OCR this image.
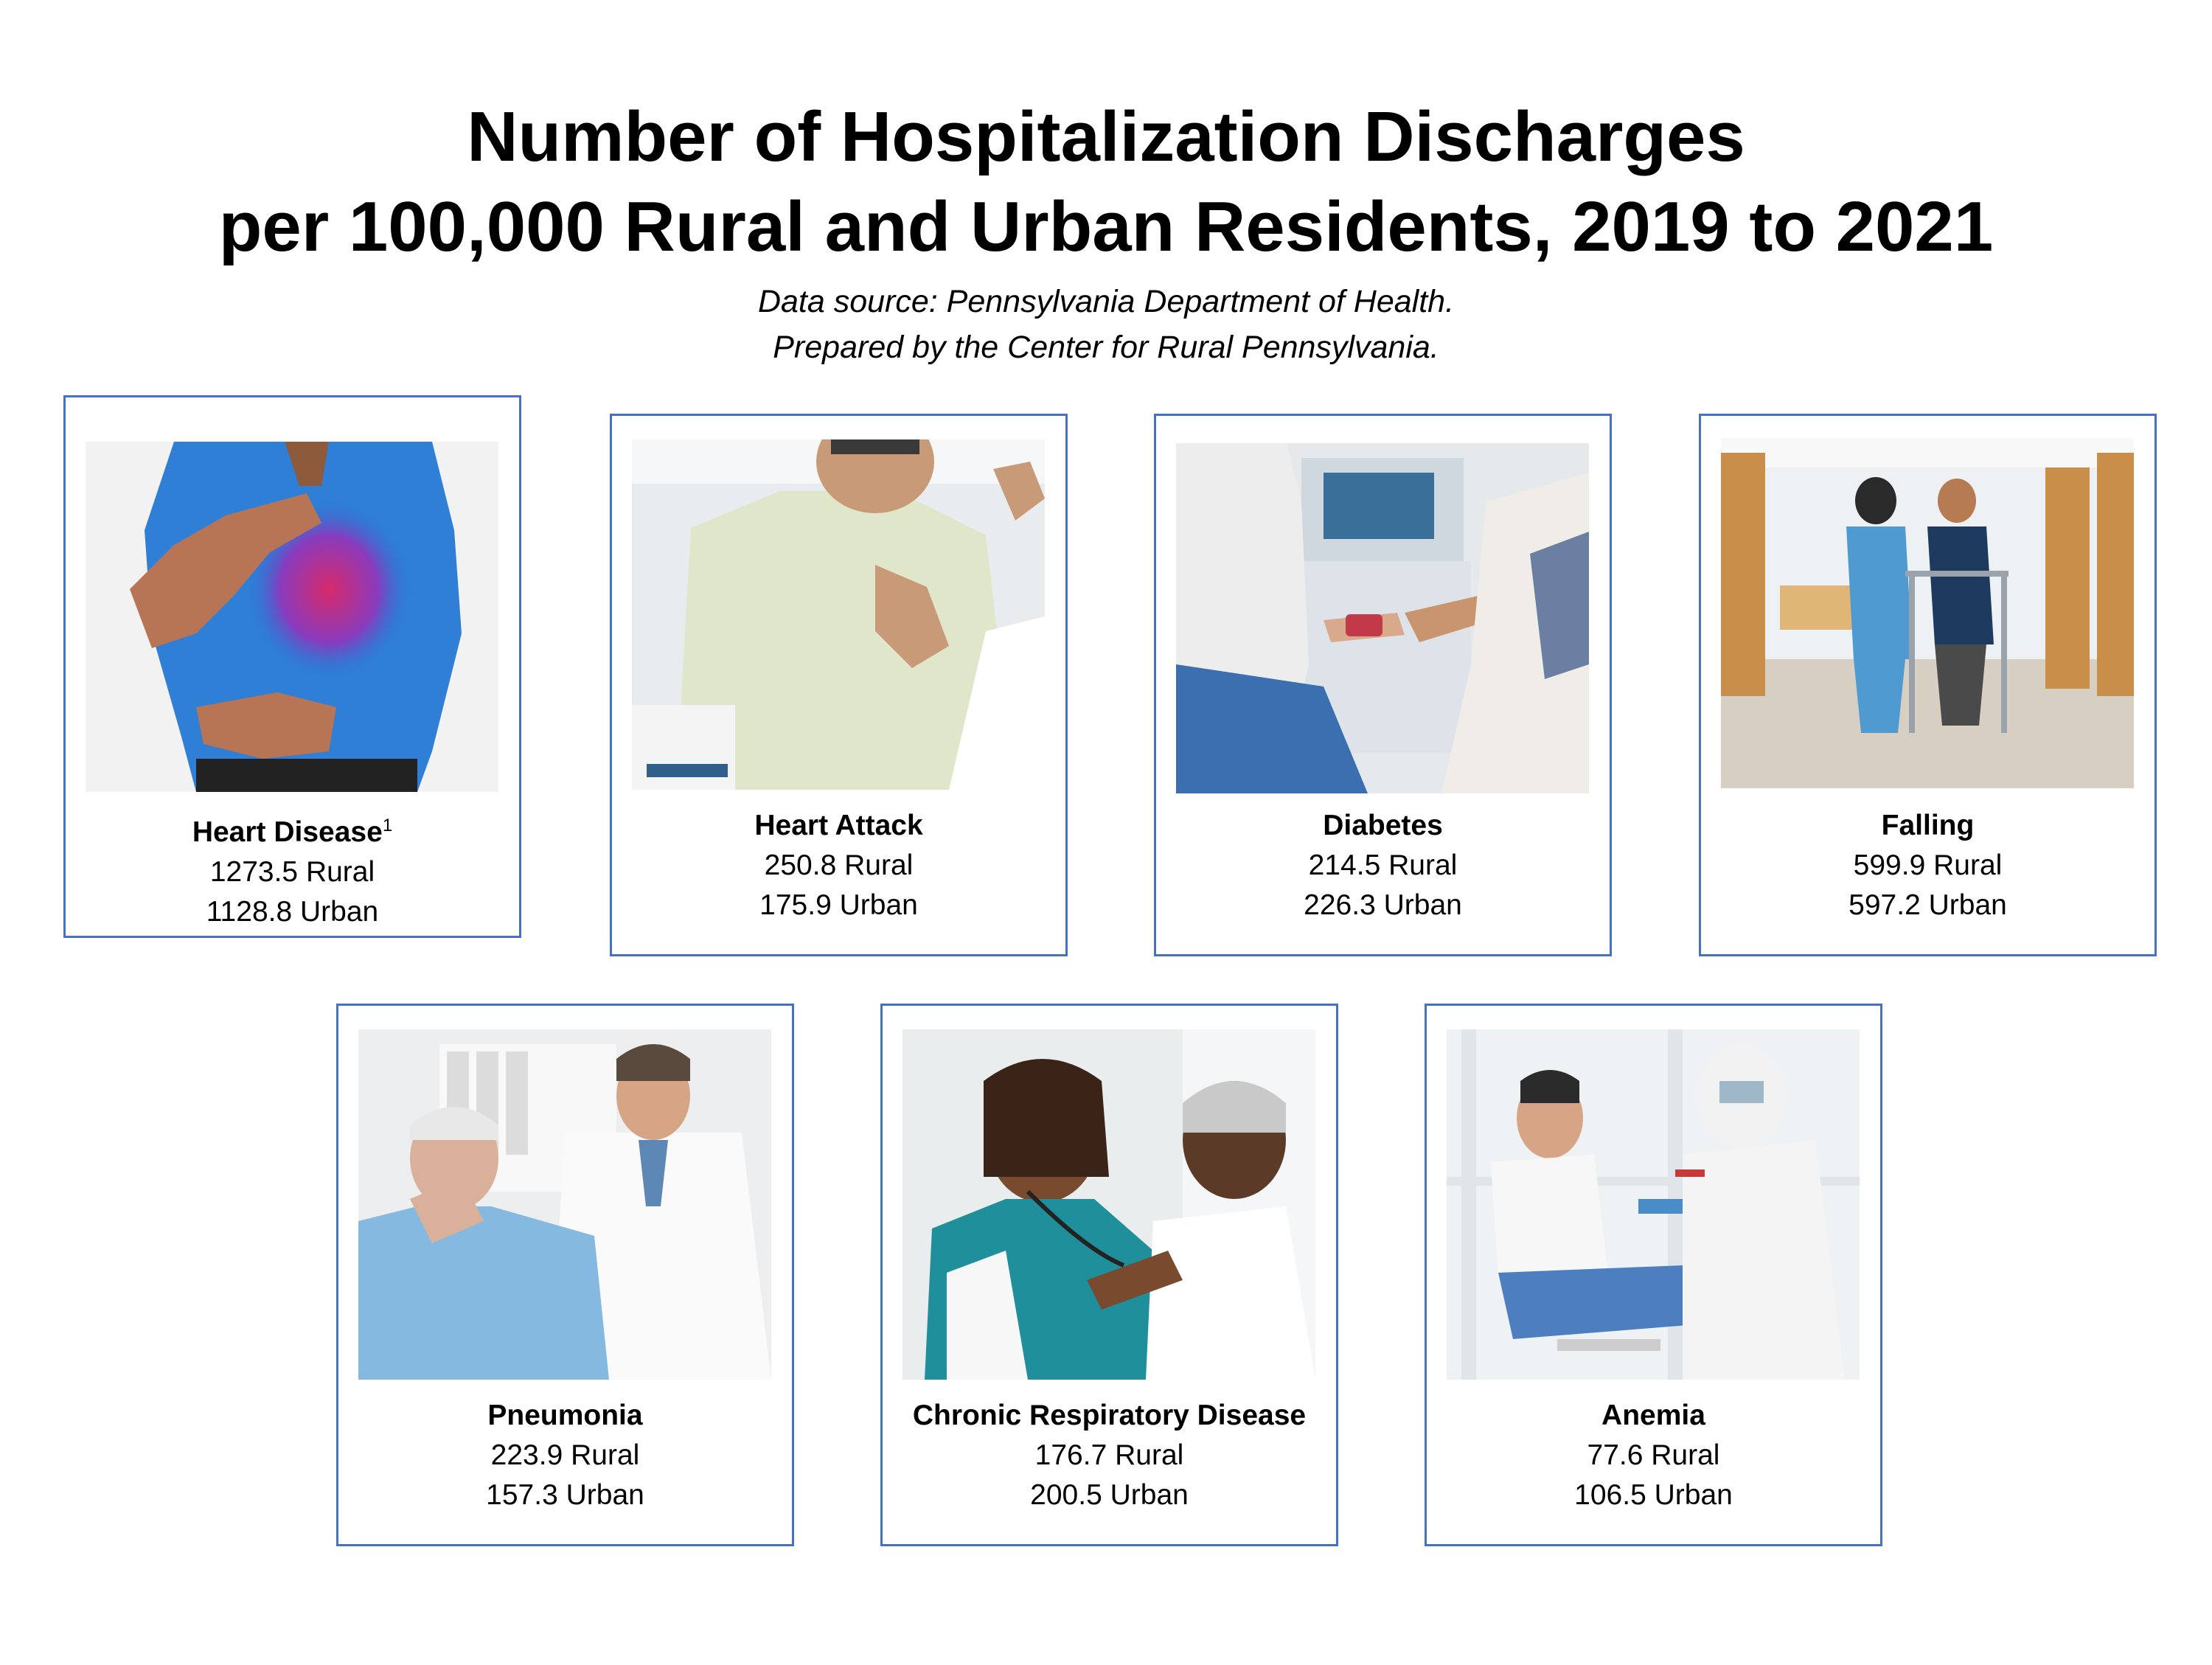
Number of Hospitalization Discharges
per 100,000 Rural and Urban Residents, 2019 to 2021
Data source: Pennsylvania Department of Health.
Prepared by the Center for Rural Pennsylvania.
Heart Disease$^1$
1273.5 Rural
1128.8 Urban
Heart Attack
250.8 Rural
175.9 Urban
Diabetes
214.5 Rural
226.3 Urban
Falling
599.9 Rural
597.2 Urban
Pneumonia
223.9 Rural
157.3 Urban
Chronic Respiratory Disease
176.7 Rural
200.5 Urban
Anemia
77.6 Rural
106.5 Urban
